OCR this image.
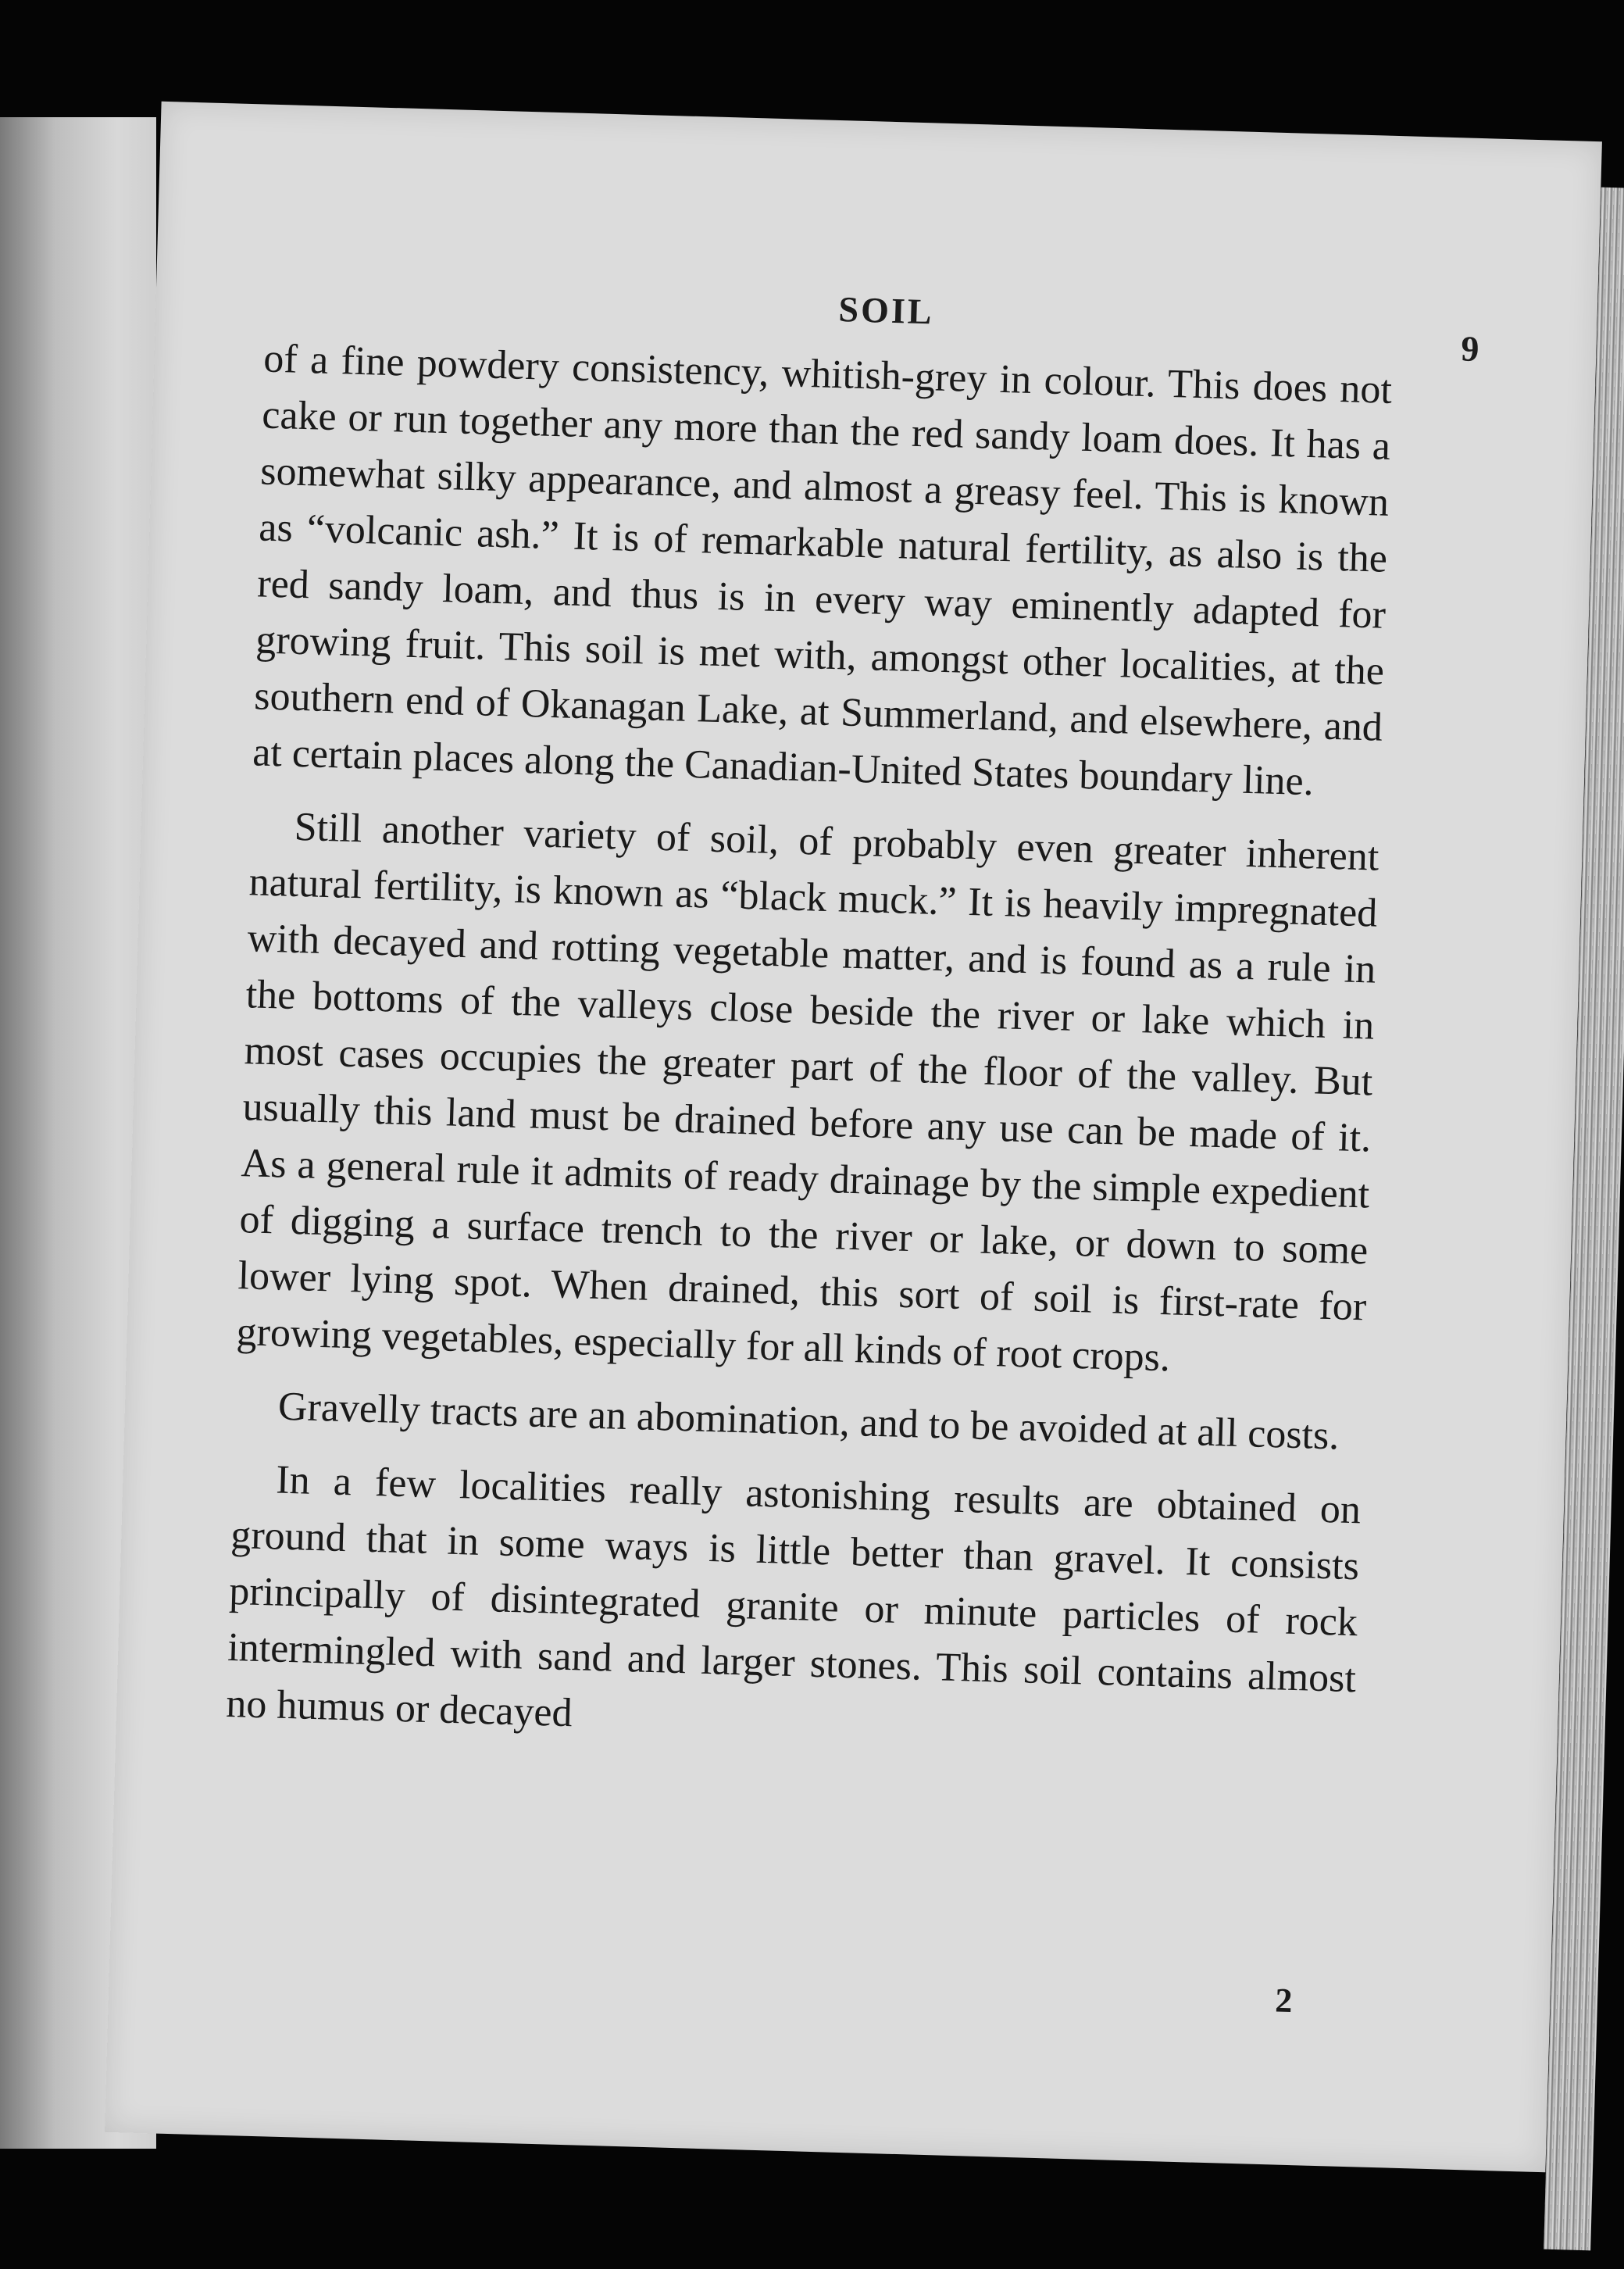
SOIL
9

of a fine powdery consistency, whitish-grey in colour. This does not cake or run together any more than the red sandy loam does. It has a somewhat silky appearance, and almost a greasy feel. This is known as “volcanic ash.” It is of remarkable natural fertility, as also is the red sandy loam, and thus is in every way eminently adapted for growing fruit. This soil is met with, amongst other localities, at the southern end of Okanagan Lake, at Summerland, and elsewhere, and at certain places along the Canadian-United States boundary line.

Still another variety of soil, of probably even greater inherent natural fertility, is known as “black muck.” It is heavily impregnated with decayed and rotting vegetable matter, and is found as a rule in the bottoms of the valleys close beside the river or lake which in most cases occupies the greater part of the floor of the valley. But usually this land must be drained before any use can be made of it. As a general rule it admits of ready drainage by the simple expedient of digging a surface trench to the river or lake, or down to some lower lying spot. When drained, this sort of soil is first-rate for growing vegetables, especially for all kinds of root crops.

Gravelly tracts are an abomination, and to be avoided at all costs.

In a few localities really astonishing results are obtained on ground that in some ways is little better than gravel. It consists principally of disintegrated granite or minute particles of rock intermingled with sand and larger stones. This soil contains almost no humus or decayed

2
